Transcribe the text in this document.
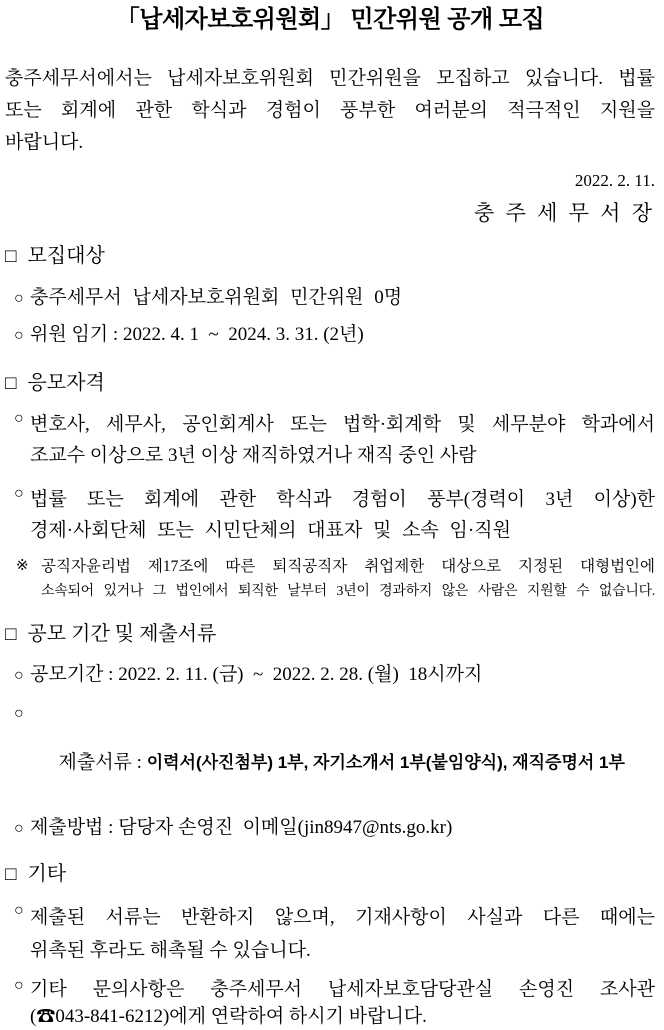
「납세자보호위원회」 민간위원 공개 모집
충주세무서에서는 납세자보호위원회 민간위원을 모집하고 있습니다. 법률
또는 회계에 관한 학식과 경험이 풍부한 여러분의 적극적인 지원을
바랍니다.
2022. 2. 11.
충 주 세 무 서 장
□ 모집대상
○ 충주세무서 납세자보호위원회 민간위원 0명
○ 위원 임기 : 2022. 4. 1  ~  2024. 3. 31. (2년)
□ 응모자격
○ 변호사, 세무사, 공인회계사 또는 법학·회계학 및 세무분야 학과에서
조교수 이상으로 3년 이상 재직하였거나 재직 중인 사람
○ 법률 또는 회계에 관한 학식과 경험이 풍부(경력이 3년 이상)한
경제·사회단체 또는 시민단체의 대표자 및 소속 임·직원
※ 공직자윤리법 제17조에 따른 퇴직공직자 취업제한 대상으로 지정된 대형법인에
소속되어 있거나 그 법인에서 퇴직한 날부터 3년이 경과하지 않은 사람은 지원할 수 없습니다.
□ 공모 기간 및 제출서류
○ 공모기간 : 2022. 2. 11. (금)  ~  2022. 2. 28. (월)  18시까지

○

제출서류 : 이력서(사진첨부) 1부, 자기소개서 1부(붙임양식), 재직증명서 1부

○ 제출방법 : 담당자 손영진  이메일(jin8947@nts.go.kr)
□ 기타
○ 제출된 서류는 반환하지 않으며, 기재사항이 사실과 다른 때에는
위촉된 후라도 해촉될 수 있습니다.
○ 기타 문의사항은 충주세무서 납세자보호담당관실 손영진 조사관
(☎043-841-6212)에게 연락하여 하시기 바랍니다.
